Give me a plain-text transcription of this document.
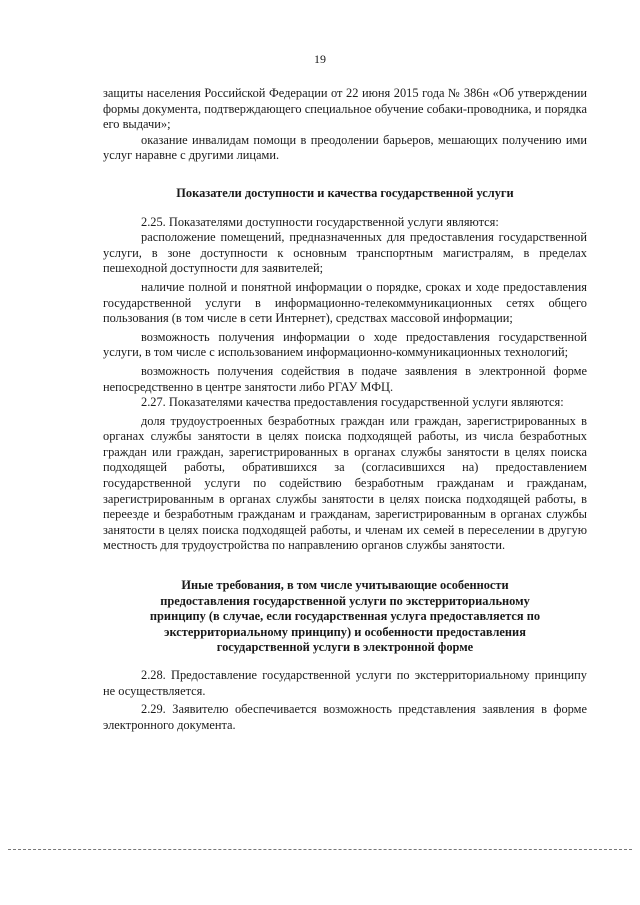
19

защиты населения Российской Федерации от 22 июня 2015 года № 386н «Об утверждении формы документа, подтверждающего специальное обучение собаки-проводника, и порядка его выдачи»;

оказание инвалидам помощи в преодолении барьеров, мешающих получению ими услуг наравне с другими лицами.

Показатели доступности и качества государственной услуги

2.25. Показателями доступности государственной услуги являются:

расположение помещений, предназначенных для предоставления государственной услуги, в зоне доступности к основным транспортным магистралям, в пределах пешеходной доступности для заявителей;

наличие полной и понятной информации о порядке, сроках и ходе предоставления государственной услуги в информационно-телекоммуникационных сетях общего пользования (в том числе в сети Интернет), средствах массовой информации;

возможность получения информации о ходе предоставления государственной услуги, в том числе с использованием информационно-коммуникационных технологий;

возможность получения содействия в подаче заявления в электронной форме непосредственно в центре занятости либо РГАУ МФЦ.

2.27. Показателями качества предоставления государственной услуги являются:

доля трудоустроенных безработных граждан или граждан, зарегистрированных в органах службы занятости в целях поиска подходящей работы, из числа безработных граждан или граждан, зарегистрированных в органах службы занятости в целях поиска подходящей работы, обратившихся за (согласившихся на) предоставлением государственной услуги по содействию безработным гражданам и гражданам, зарегистрированным в органах службы занятости в целях поиска подходящей работы, в переезде и безработным гражданам и гражданам, зарегистрированным в органах службы занятости в целях поиска подходящей работы, и членам их семей в переселении в другую местность для трудоустройства по направлению органов службы занятости.

Иные требования, в том числе учитывающие особенности
предоставления государственной услуги по экстерриториальному
принципу (в случае, если государственная услуга предоставляется по
экстерриториальному принципу) и особенности предоставления
государственной услуги в электронной форме

2.28. Предоставление государственной услуги по экстерриториальному принципу не осуществляется.

2.29. Заявителю обеспечивается возможность представления заявления в форме электронного документа.
